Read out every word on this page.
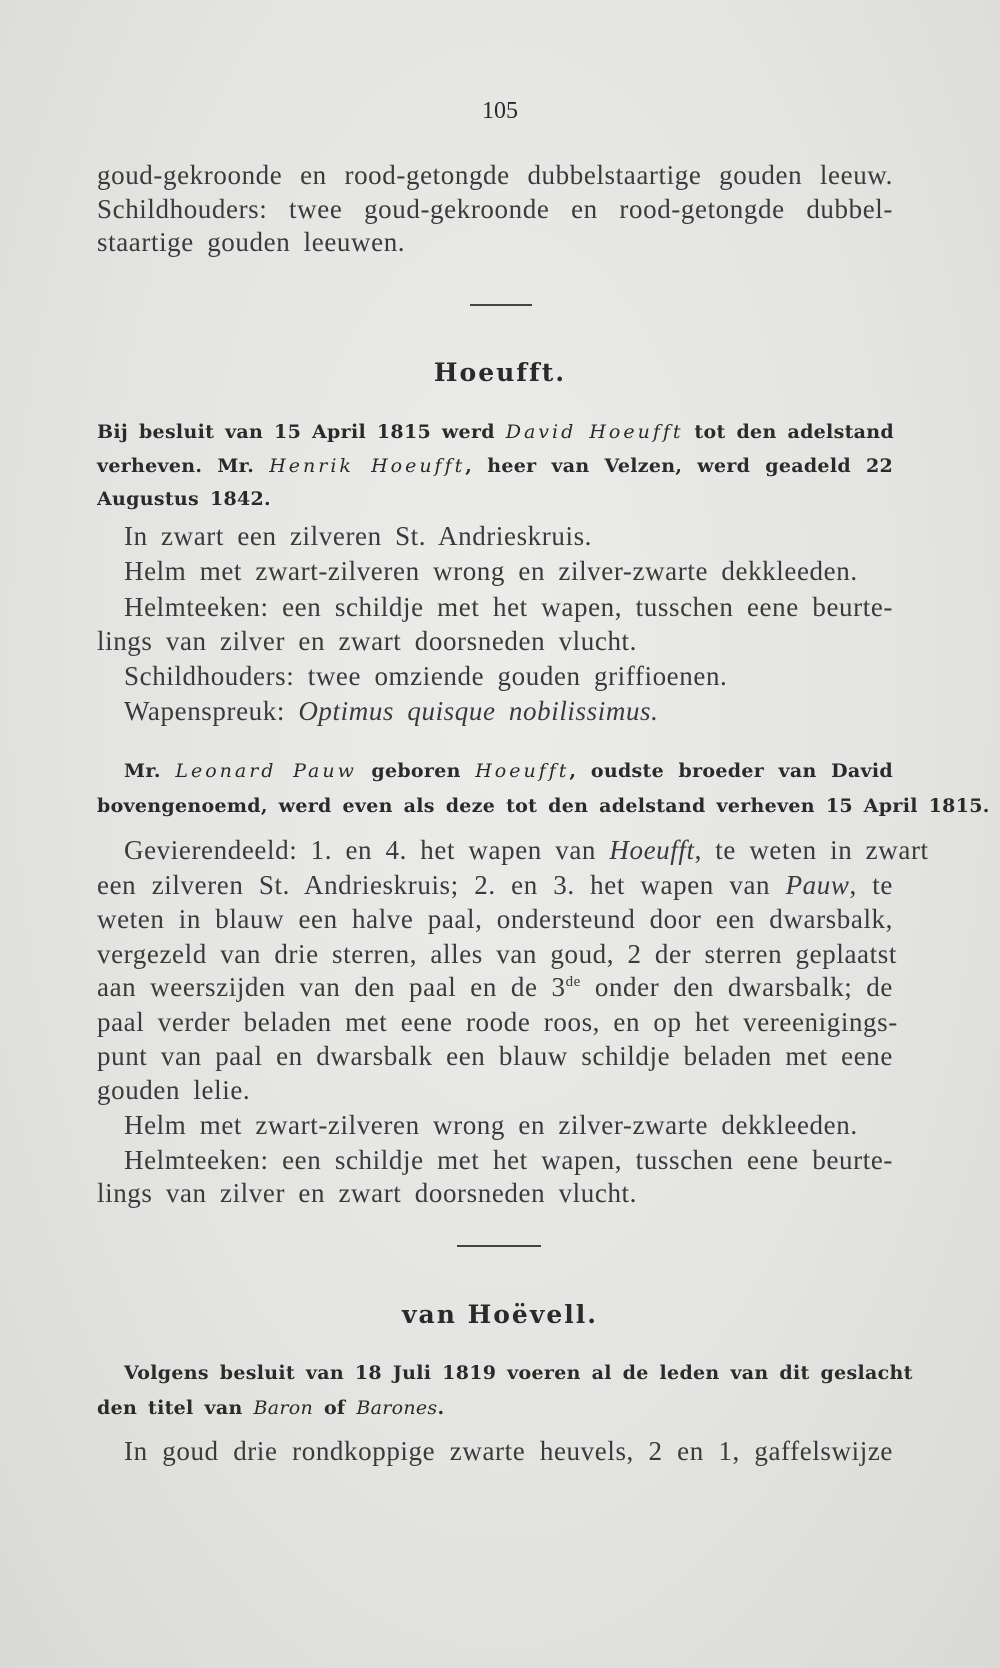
105
goud-gekroonde en rood-getongde dubbelstaartige gouden leeuw.
Schildhouders: twee goud-gekroonde en rood-getongde dubbel-
staartige gouden leeuwen.
Hoeufft.
Bij besluit van 15 April 1815 werd David Hoeufft tot den adelstand
verheven. Mr. Henrik Hoeufft, heer van Velzen, werd geadeld 22
Augustus 1842.
In zwart een zilveren St. Andrieskruis.
Helm met zwart-zilveren wrong en zilver-zwarte dekkleeden.
Helmteeken: een schildje met het wapen, tusschen eene beurte-
lings van zilver en zwart doorsneden vlucht.
Schildhouders: twee omziende gouden griffioenen.
Wapenspreuk: Optimus quisque nobilissimus.
Mr. Leonard Pauw geboren Hoeufft, oudste broeder van David
bovengenoemd, werd even als deze tot den adelstand verheven 15 April 1815.
Gevierendeeld: 1. en 4. het wapen van Hoeufft, te weten in zwart
een zilveren St. Andrieskruis; 2. en 3. het wapen van Pauw, te
weten in blauw een halve paal, ondersteund door een dwarsbalk,
vergezeld van drie sterren, alles van goud, 2 der sterren geplaatst
aan weerszijden van den paal en de 3de onder den dwarsbalk; de
paal verder beladen met eene roode roos, en op het vereenigings-
punt van paal en dwarsbalk een blauw schildje beladen met eene
gouden lelie.
Helm met zwart-zilveren wrong en zilver-zwarte dekkleeden.
Helmteeken: een schildje met het wapen, tusschen eene beurte-
lings van zilver en zwart doorsneden vlucht.
van Hoëvell.
Volgens besluit van 18 Juli 1819 voeren al de leden van dit geslacht
den titel van Baron of Barones.
In goud drie rondkoppige zwarte heuvels, 2 en 1, gaffelswijze
